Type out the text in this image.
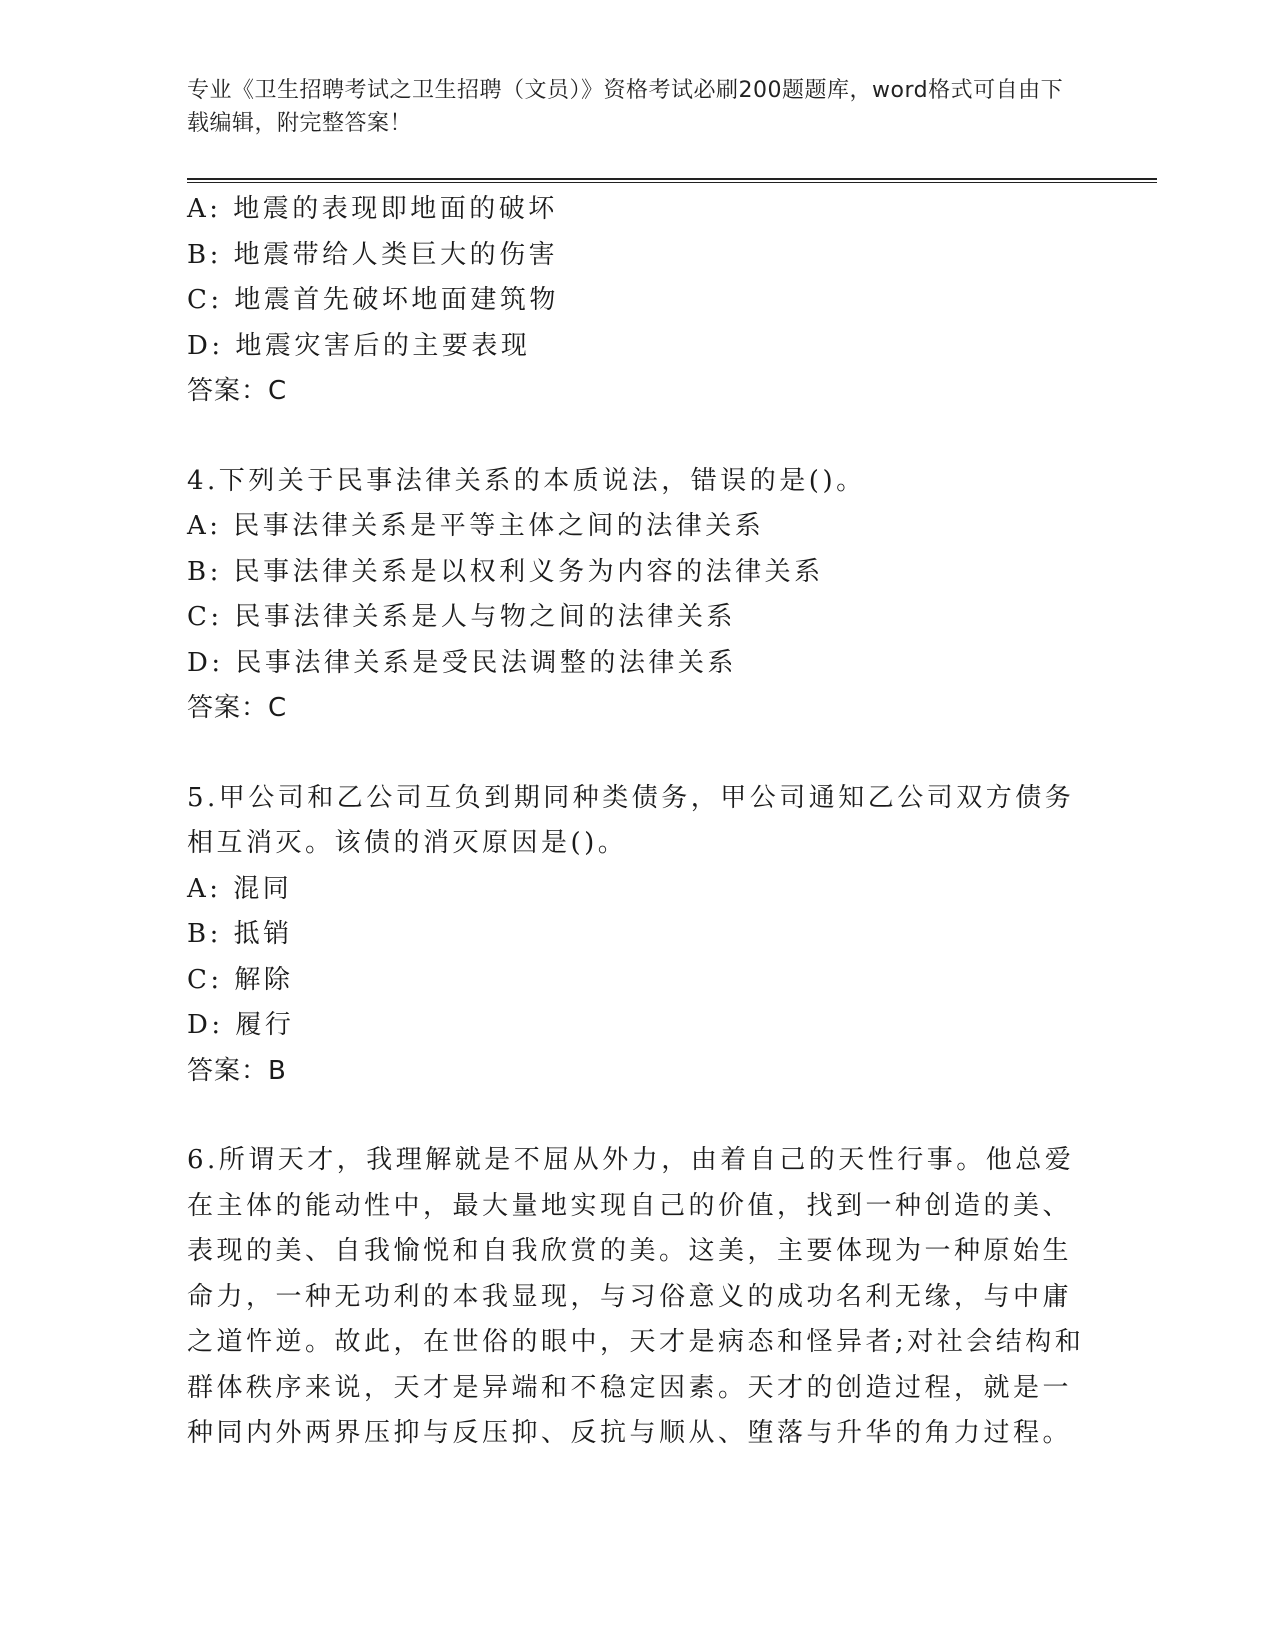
专业《卫生招聘考试之卫生招聘（文员）》资格考试必刷200题题库，word格式可自由下载编辑，附完整答案！
A: 地震的表现即地面的破坏
B: 地震带给人类巨大的伤害
C: 地震首先破坏地面建筑物
D: 地震灾害后的主要表现
答案：C
4.下列关于民事法律关系的本质说法，错误的是()。
A: 民事法律关系是平等主体之间的法律关系
B: 民事法律关系是以权利义务为内容的法律关系
C: 民事法律关系是人与物之间的法律关系
D: 民事法律关系是受民法调整的法律关系
答案：C
5.甲公司和乙公司互负到期同种类债务，甲公司通知乙公司双方债务
相互消灭。该债的消灭原因是()。
A: 混同
B: 抵销
C: 解除
D: 履行
答案：B
6.所谓天才，我理解就是不屈从外力，由着自己的天性行事。他总爱
在主体的能动性中，最大量地实现自己的价值，找到一种创造的美、
表现的美、自我愉悦和自我欣赏的美。这美，主要体现为一种原始生
命力，一种无功利的本我显现，与习俗意义的成功名利无缘，与中庸
之道忤逆。故此，在世俗的眼中，天才是病态和怪异者;对社会结构和
群体秩序来说，天才是异端和不稳定因素。天才的创造过程，就是一
种同内外两界压抑与反压抑、反抗与顺从、堕落与升华的角力过程。
